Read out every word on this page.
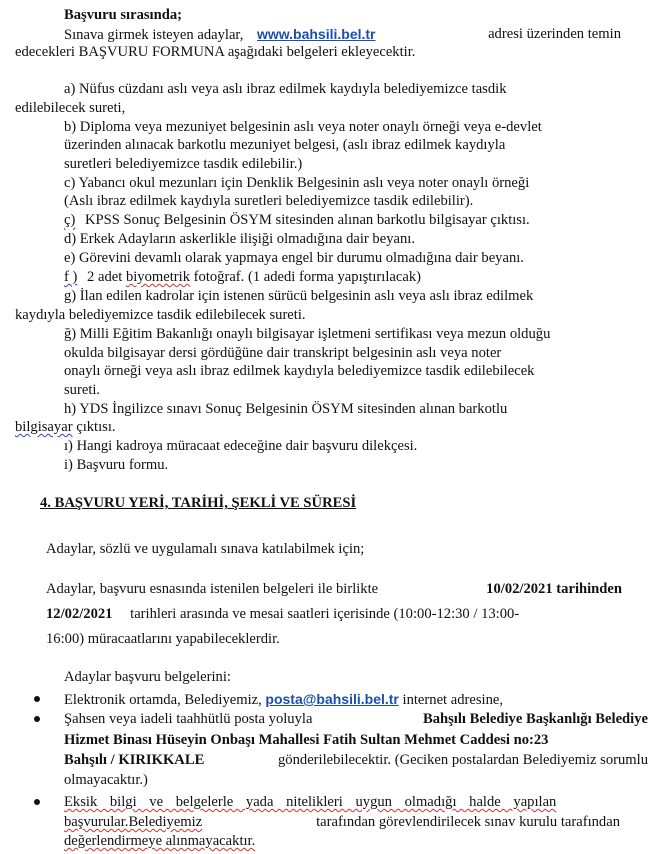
Başvuru sırasında;
Sınava girmek isteyen adaylar, www.bahsili.bel.tr	adresi üzerinden temin
edecekleri BAŞVURU FORMUNA aşağıdaki belgeleri ekleyecektir.
a) Nüfus cüzdanı aslı veya aslı ibraz edilmek kaydıyla belediyemizce tasdik
edilebilecek sureti,
b) Diploma veya mezuniyet belgesinin aslı veya noter onaylı örneği veya e-devlet
üzerinden alınacak barkotlu mezuniyet belgesi, (aslı ibraz edilmek kaydıyla
suretleri belediyemizce tasdik edilebilir.)
c) Yabancı okul mezunları için Denklik Belgesinin aslı veya noter onaylı örneği
(Aslı ibraz edilmek kaydıyla suretleri belediyemizce tasdik edilebilir).
ç) KPSS Sonuç Belgesinin ÖSYM sitesinden alınan barkotlu bilgisayar çıktısı.
d) Erkek Adayların askerlikle ilişiği olmadığına dair beyanı.
e) Görevini devamlı olarak yapmaya engel bir durumu olmadığına dair beyanı.
f ) 2 adet biyometrik fotoğraf. (1 adedi forma yapıştırılacak)
g) İlan edilen kadrolar için istenen sürücü belgesinin aslı veya aslı ibraz edilmek
kaydıyla belediyemizce tasdik edilebilecek sureti.
ğ) Milli Eğitim Bakanlığı onaylı bilgisayar işletmeni sertifikası veya mezun olduğu
okulda bilgisayar dersi gördüğüne dair transkript belgesinin aslı veya noter
onaylı örneği veya aslı ibraz edilmek kaydıyla belediyemizce tasdik edilebilecek
sureti.
h) YDS İngilizce sınavı Sonuç Belgesinin ÖSYM sitesinden alınan barkotlu
bilgisayar çıktısı.
ı) Hangi kadroya müracaat edeceğine dair başvuru dilekçesi.
i) Başvuru formu.
4. BAŞVURU YERİ, TARİHİ, ŞEKLİ VE SÜRESİ
Adaylar, sözlü ve uygulamalı sınava katılabilmek için;
Adaylar, başvuru esnasında istenilen belgeleri ile birlikte	10/02/2021 tarihinden
12/02/2021 tarihleri arasında ve mesai saatleri içerisinde (10:00-12:30 / 13:00-
16:00) müracaatlarını yapabileceklerdir.
Adaylar başvuru belgelerini:
Elektronik ortamda, Belediyemiz, posta@bahsili.bel.tr internet adresine,
Şahsen veya iadeli taahhütlü posta yoluyla	Bahşılı Belediye Başkanlığı Belediye
Hizmet Binası Hüseyin Onbaşı Mahallesi Fatih Sultan Mehmet Caddesi no:23
Bahşılı / KIRIKKALE	gönderilebilecektir. (Geciken postalardan Belediyemiz sorumlu
olmayacaktır.)
Eksik bilgi ve belgelerle yada nitelikleri uygun olmadığı halde yapılan
başvurular.Belediyemiz	tarafından görevlendirilecek sınav kurulu tarafından
değerlendirmeye alınmayacaktır.
